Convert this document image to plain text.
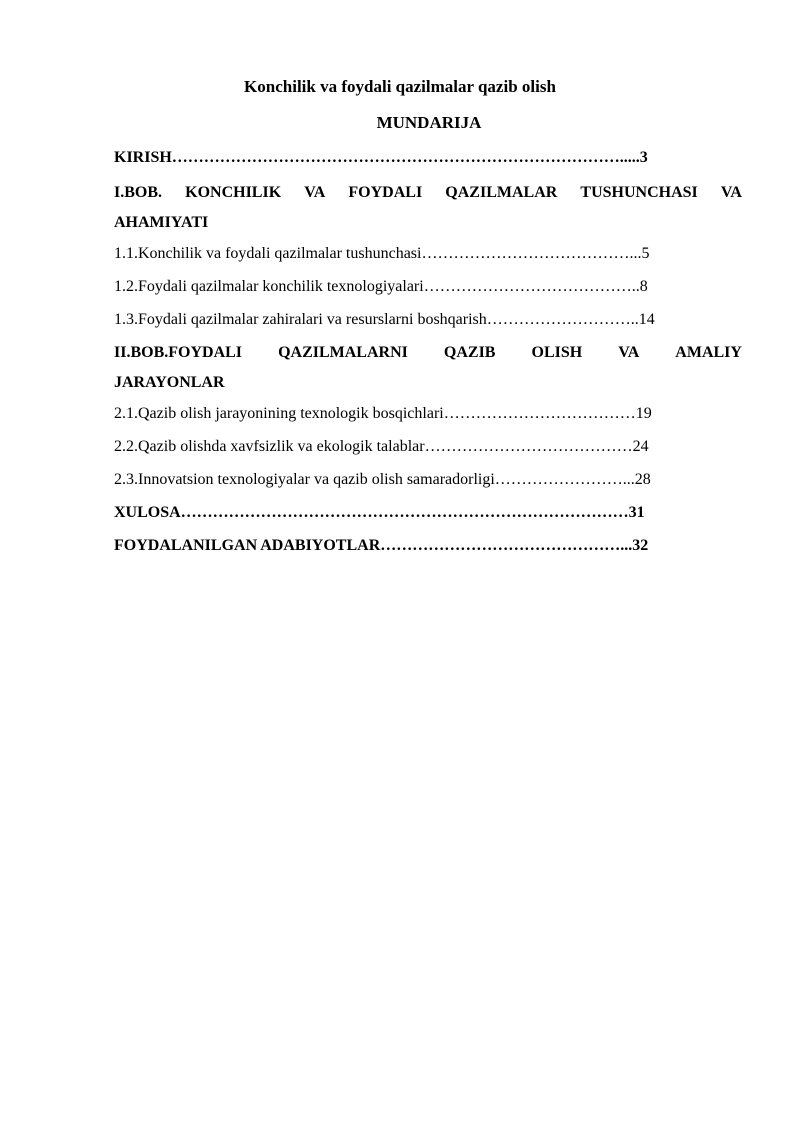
Konchilik va foydali qazilmalar qazib olish
MUNDARIJA
KIRISH………………………………………………………………………….....3
I.BOB. KONCHILIK VA FOYDALI QAZILMALAR TUSHUNCHASI VA
AHAMIYATI
1.1.Konchilik va foydali qazilmalar tushunchasi…………………………………...5
1.2.Foydali qazilmalar konchilik texnologiyalari…………………………………..8
1.3.Foydali qazilmalar zahiralari va resurslarni boshqarish………………………..14
II.BOB.FOYDALI QAZILMALARNI QAZIB OLISH VA AMALIY
JARAYONLAR
2.1.Qazib olish jarayonining texnologik bosqichlari………………………………19
2.2.Qazib olishda xavfsizlik va ekologik talablar…………………………………24
2.3.Innovatsion texnologiyalar va qazib olish samaradorligi……………………...28
XULOSA…………………………………………………………………………31
FOYDALANILGAN ADABIYOTLAR………………………………………...32
